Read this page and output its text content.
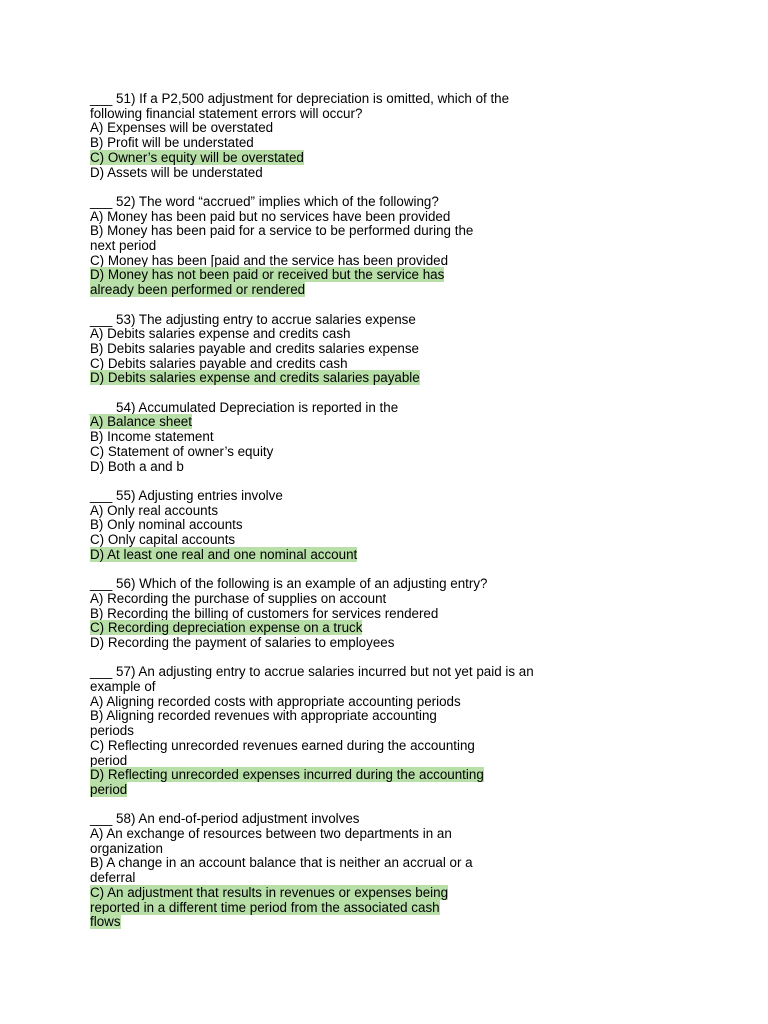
___ 51) If a P2,500 adjustment for depreciation is omitted, which of the
following financial statement errors will occur?
A) Expenses will be overstated
B) Profit will be understated
C) Owner’s equity will be overstated
D) Assets will be understated
___ 52) The word “accrued” implies which of the following?
A) Money has been paid but no services have been provided
B) Money has been paid for a service to be performed during the
next period
C) Money has been [paid and the service has been provided
D) Money has not been paid or received but the service has
already been performed or rendered
___ 53) The adjusting entry to accrue salaries expense
A) Debits salaries expense and credits cash
B) Debits salaries payable and credits salaries expense
C) Debits salaries payable and credits cash
D) Debits salaries expense and credits salaries payable
___ 54) Accumulated Depreciation is reported in the
A) Balance sheet
B) Income statement
C) Statement of owner’s equity
D) Both a and b
___ 55) Adjusting entries involve
A) Only real accounts
B) Only nominal accounts
C) Only capital accounts
D) At least one real and one nominal account
___ 56) Which of the following is an example of an adjusting entry?
A) Recording the purchase of supplies on account
B) Recording the billing of customers for services rendered
C) Recording depreciation expense on a truck
D) Recording the payment of salaries to employees
___ 57) An adjusting entry to accrue salaries incurred but not yet paid is an
example of
A) Aligning recorded costs with appropriate accounting periods
B) Aligning recorded revenues with appropriate accounting
periods
C) Reflecting unrecorded revenues earned during the accounting
period
D) Reflecting unrecorded expenses incurred during the accounting
period
___ 58) An end-of-period adjustment involves
A) An exchange of resources between two departments in an
organization
B) A change in an account balance that is neither an accrual or a
deferral
C) An adjustment that results in revenues or expenses being
reported in a different time period from the associated cash
flows
